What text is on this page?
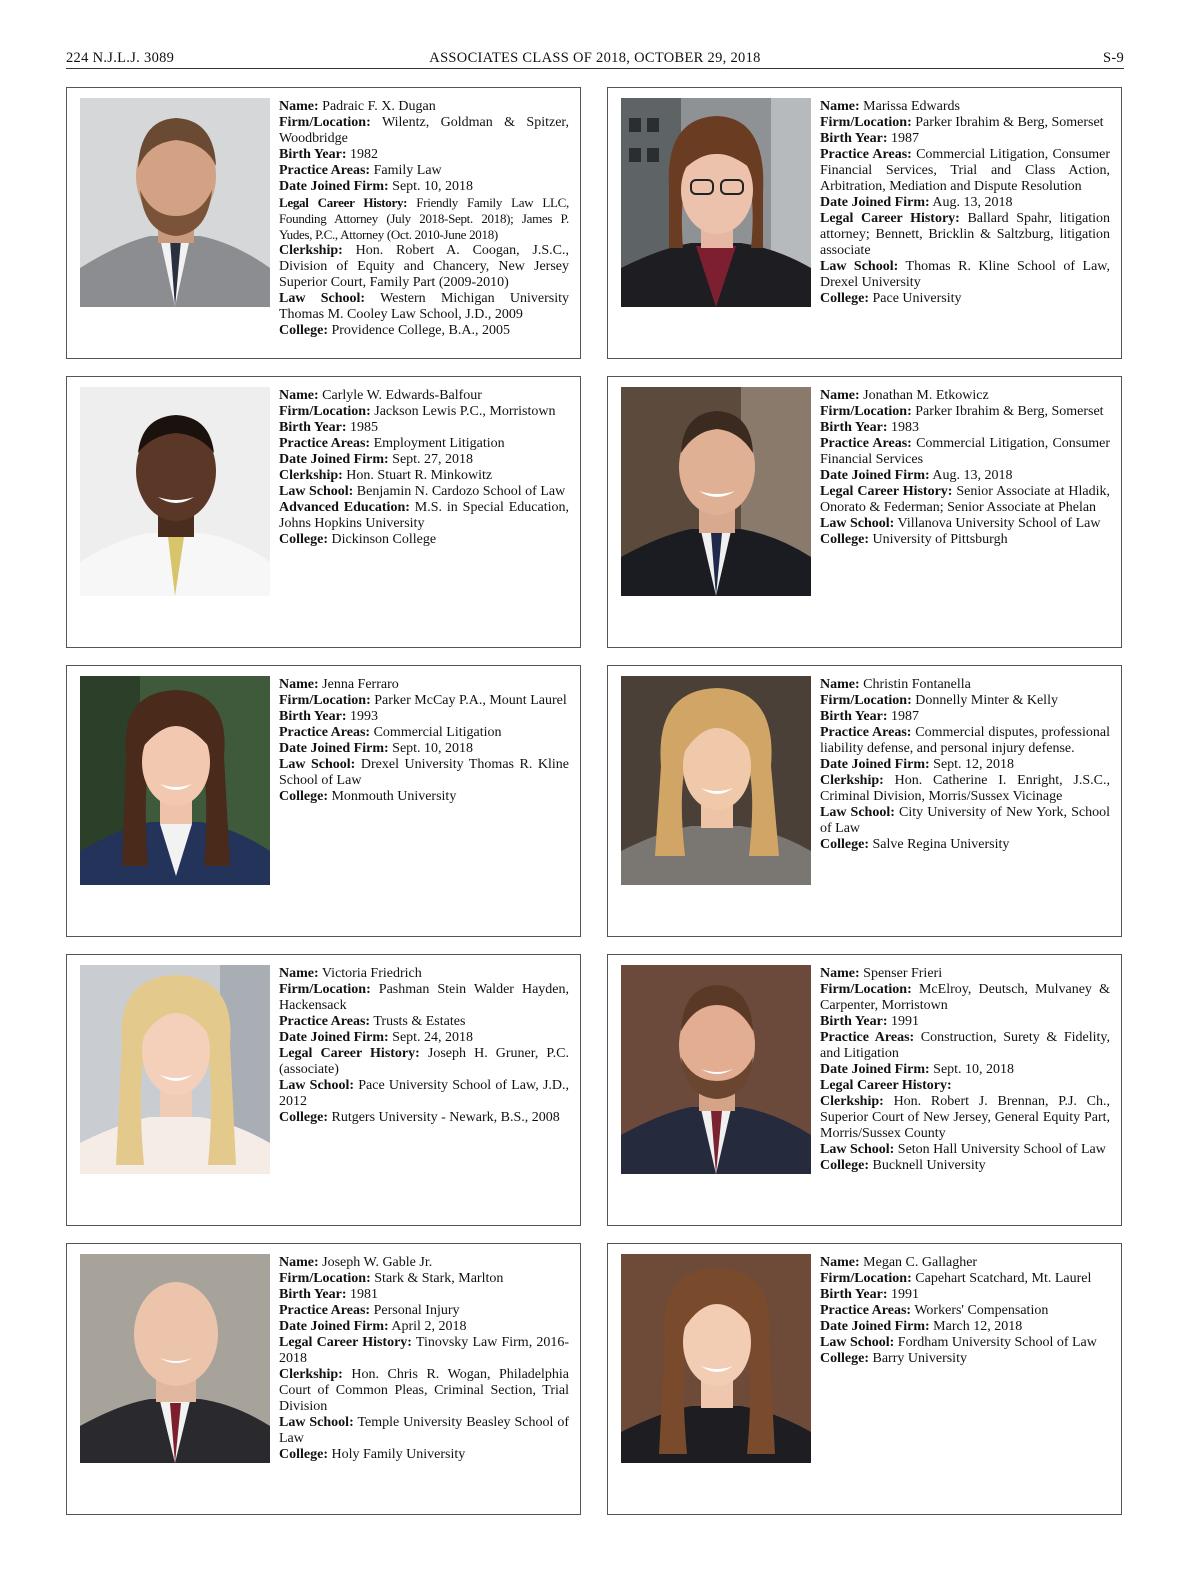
224 N.J.L.J. 3089	ASSOCIATES CLASS OF 2018, OCTOBER 29, 2018	S-9
Name: Padraic F. X. Dugan
Firm/Location: Wilentz, Goldman & Spitzer, Woodbridge
Birth Year: 1982
Practice Areas: Family Law
Date Joined Firm: Sept. 10, 2018
Legal Career History: Friendly Family Law LLC, Founding Attorney (July 2018-Sept. 2018); James P. Yudes, P.C., Attorney (Oct. 2010-June 2018)
Clerkship: Hon. Robert A. Coogan, J.S.C., Division of Equity and Chancery, New Jersey Superior Court, Family Part (2009-2010)
Law School: Western Michigan University Thomas M. Cooley Law School, J.D., 2009
College: Providence College, B.A., 2005
Name: Marissa Edwards
Firm/Location: Parker Ibrahim & Berg, Somerset
Birth Year: 1987
Practice Areas: Commercial Litigation, Consumer Financial Services, Trial and Class Action, Arbitration, Mediation and Dispute Resolution
Date Joined Firm: Aug. 13, 2018
Legal Career History: Ballard Spahr, litigation attorney; Bennett, Bricklin & Saltzburg, litigation associate
Law School: Thomas R. Kline School of Law, Drexel University
College: Pace University
Name: Carlyle W. Edwards-Balfour
Firm/Location: Jackson Lewis P.C., Morristown
Birth Year: 1985
Practice Areas: Employment Litigation
Date Joined Firm: Sept. 27, 2018
Clerkship: Hon. Stuart R. Minkowitz
Law School: Benjamin N. Cardozo School of Law
Advanced Education: M.S. in Special Education, Johns Hopkins University
College: Dickinson College
Name: Jonathan M. Etkowicz
Firm/Location: Parker Ibrahim & Berg, Somerset
Birth Year: 1983
Practice Areas: Commercial Litigation, Consumer Financial Services
Date Joined Firm: Aug. 13, 2018
Legal Career History: Senior Associate at Hladik, Onorato & Federman; Senior Associate at Phelan
Law School: Villanova University School of Law
College: University of Pittsburgh
Name: Jenna Ferraro
Firm/Location: Parker McCay P.A., Mount Laurel
Birth Year: 1993
Practice Areas: Commercial Litigation
Date Joined Firm: Sept. 10, 2018
Law School: Drexel University Thomas R. Kline School of Law
College: Monmouth University
Name: Christin Fontanella
Firm/Location: Donnelly Minter & Kelly
Birth Year: 1987
Practice Areas: Commercial disputes, professional liability defense, and personal injury defense.
Date Joined Firm: Sept. 12, 2018
Clerkship: Hon. Catherine I. Enright, J.S.C., Criminal Division, Morris/Sussex Vicinage
Law School: City University of New York, School of Law
College: Salve Regina University
Name: Victoria Friedrich
Firm/Location: Pashman Stein Walder Hayden, Hackensack
Practice Areas: Trusts & Estates
Date Joined Firm: Sept. 24, 2018
Legal Career History: Joseph H. Gruner, P.C. (associate)
Law School: Pace University School of Law, J.D., 2012
College: Rutgers University - Newark, B.S., 2008
Name: Spenser Frieri
Firm/Location: McElroy, Deutsch, Mulvaney & Carpenter, Morristown
Birth Year: 1991
Practice Areas: Construction, Surety & Fidelity, and Litigation
Date Joined Firm: Sept. 10, 2018
Legal Career History:
Clerkship: Hon. Robert J. Brennan, P.J. Ch., Superior Court of New Jersey, General Equity Part, Morris/Sussex County
Law School: Seton Hall University School of Law
College: Bucknell University
Name: Joseph W. Gable Jr.
Firm/Location: Stark & Stark, Marlton
Birth Year: 1981
Practice Areas: Personal Injury
Date Joined Firm: April 2, 2018
Legal Career History: Tinovsky Law Firm, 2016-2018
Clerkship: Hon. Chris R. Wogan, Philadelphia Court of Common Pleas, Criminal Section, Trial Division
Law School: Temple University Beasley School of Law
College: Holy Family University
Name: Megan C. Gallagher
Firm/Location: Capehart Scatchard, Mt. Laurel
Birth Year: 1991
Practice Areas: Workers' Compensation
Date Joined Firm: March 12, 2018
Law School: Fordham University School of Law
College: Barry University
